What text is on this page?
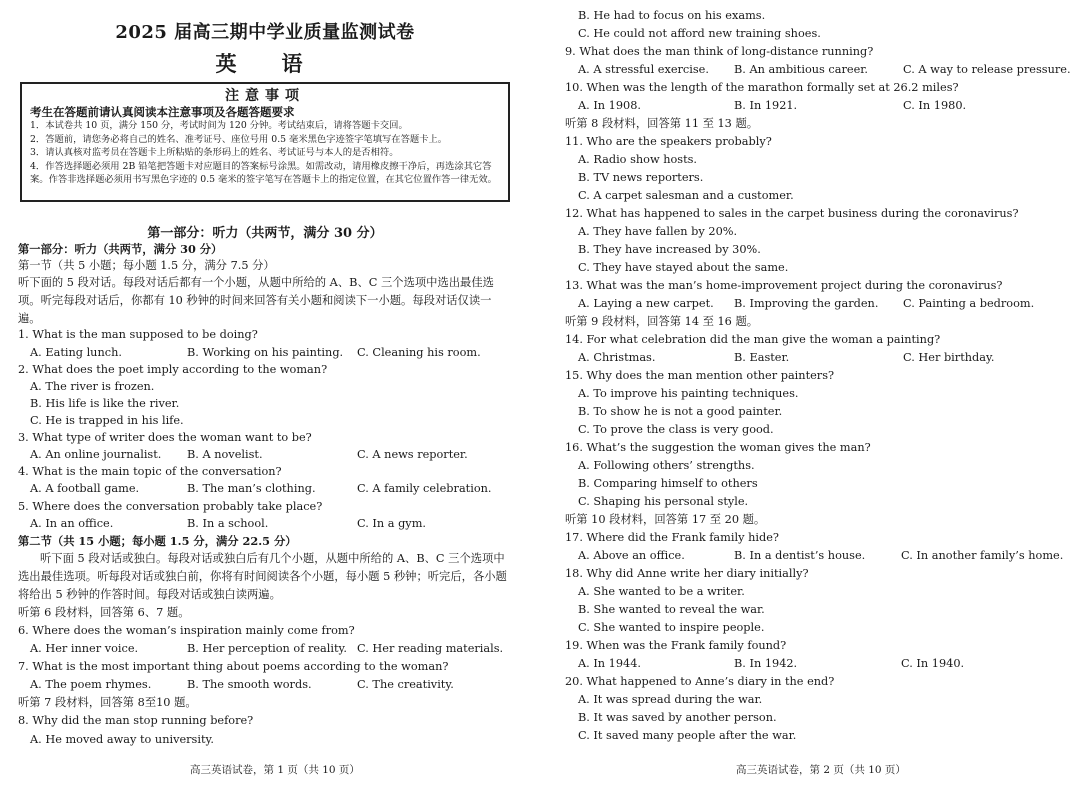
2025 届高三期中学业质量监测试卷
英　语
注意事项
考生在答题前请认真阅读本注意事项及各题答题要求
1．本试卷共 10 页，满分 150 分，考试时间为 120 分钟。考试结束后，请将答题卡交回。
2．答题前，请您务必将自己的姓名、准考证号、座位号用 0.5 毫米黑色字迹签字笔填写在答题卡上。
3．请认真核对监考员在答题卡上所粘贴的条形码上的姓名、考试证号与本人的是否相符。
4．作答选择题必须用 2B 铅笔把答题卡对应题目的答案标号涂黑。如需改动，请用橡皮擦干净后，再选涂其它答案。作答非选择题必须用书写黑色字迹的 0.5 毫米的签字笔写在答题卡上的指定位置，在其它位置作答一律无效。
第一部分：听力（共两节，满分 30 分）
第一部分：听力（共两节，满分 30 分）
第一节（共 5 小题；每小题 1.5 分，满分 7.5 分）
听下面的 5 段对话。每段对话后都有一个小题，从题中所给的 A、B、C 三个选项中选出最佳选项。听完每段对话后，你都有 10 秒钟的时间来回答有关小题和阅读下一小题。每段对话仅读一遍。
1. What is the man supposed to be doing?
A. Eating lunch.	B. Working on his painting. C. Cleaning his room.
2. What does the poet imply according to the woman?
A. The river is frozen.
B. His life is like the river.
C. He is trapped in his life.
3. What type of writer does the woman want to be?
A. An online journalist. B. A novelist.	C. A news reporter.
4. What is the main topic of the conversation?
A. A football game.	B. The man’s clothing.	C. A family celebration.
5. Where does the conversation probably take place?
A. In an office.	B. In a school.	C. In a gym.
第二节（共 15 小题；每小题 1.5 分，满分 22.5 分）
听下面 5 段对话或独白。每段对话或独白后有几个小题，从题中所给的 A、B、C 三个选项中选出最佳选项。听每段对话或独白前，你将有时间阅读各个小题，每小题 5 秒钟；听完后，各小题将给出 5 秒钟的作答时间。每段对话或独白读两遍。
听第 6 段材料，回答第 6、7 题。
6. Where does the woman’s inspiration mainly come from?
A. Her inner voice.	B. Her perception of reality. C. Her reading materials.
7. What is the most important thing about poems according to the woman?
A. The poem rhymes.	B. The smooth words.	C. The creativity.
听第 7 段材料，回答第 8至10 题。
8. Why did the man stop running before?
A. He moved away to university.
高三英语试卷，第 1 页（共 10 页）
B. He had to focus on his exams.
C. He could not afford new training shoes.
9. What does the man think of long-distance running?
A. A stressful exercise. B. An ambitious career.	C. A way to release pressure.
10. When was the length of the marathon formally set at 26.2 miles?
A. In 1908.	B. In 1921.	C. In 1980.
听第 8 段材料，回答第 11 至 13 题。
11. Who are the speakers probably?
A. Radio show hosts.
B. TV news reporters.
C. A carpet salesman and a customer.
12. What has happened to sales in the carpet business during the coronavirus?
A. They have fallen by 20%.
B. They have increased by 30%.
C. They have stayed about the same.
13. What was the man’s home-improvement project during the coronavirus?
A. Laying a new carpet. B. Improving the garden. C. Painting a bedroom.
听第 9 段材料，回答第 14 至 16 题。
14. For what celebration did the man give the woman a painting?
A. Christmas.	B. Easter.	C. Her birthday.
15. Why does the man mention other painters?
A. To improve his painting techniques.
B. To show he is not a good painter.
C. To prove the class is very good.
16. What’s the suggestion the woman gives the man?
A. Following others’ strengths.
B. Comparing himself to others
C. Shaping his personal style.
听第 10 段材料，回答第 17 至 20 题。
17. Where did the Frank family hide?
A. Above an office.	B. In a dentist’s house.	C. In another family’s home.
18. Why did Anne write her diary initially?
A. She wanted to be a writer.
B. She wanted to reveal the war.
C. She wanted to inspire people.
19. When was the Frank family found?
A. In 1944.	B. In 1942.	C. In 1940.
20. What happened to Anne’s diary in the end?
A. It was spread during the war.
B. It was saved by another person.
C. It saved many people after the war.
高三英语试卷，第 2 页（共 10 页）
